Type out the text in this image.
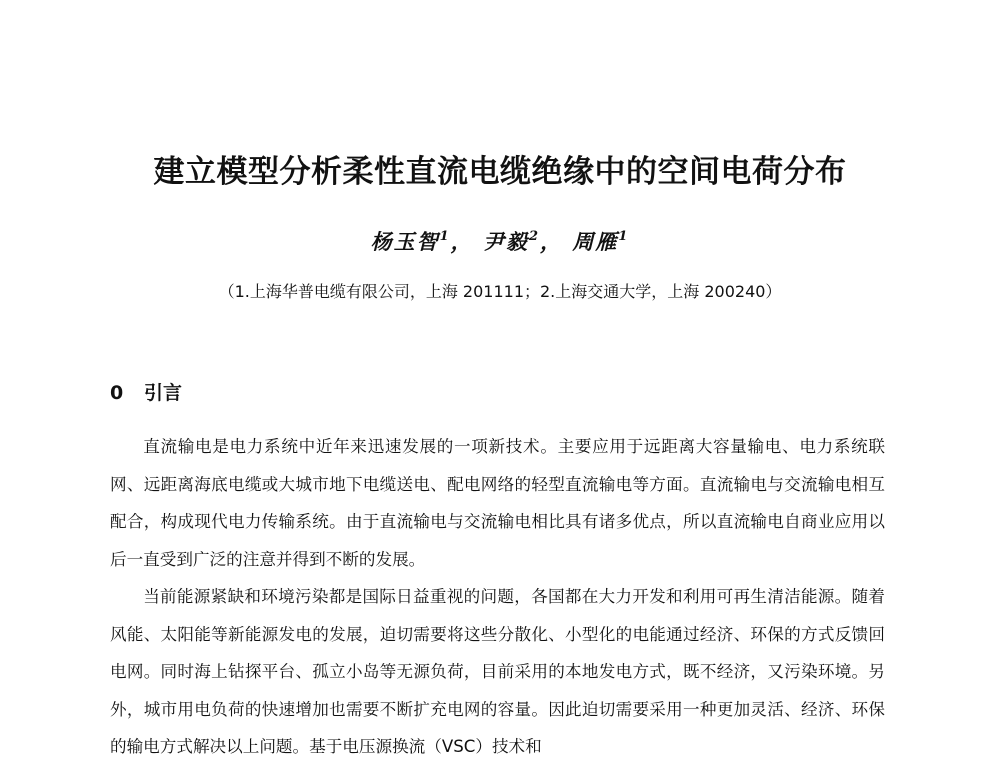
建立模型分析柔性直流电缆绝缘中的空间电荷分布
杨玉智$^1$， 尹毅$^2$， 周雁$^1$
（1.上海华普电缆有限公司，上海 201111；2.上海交通大学，上海 200240）
0 引言

直流输电是电力系统中近年来迅速发展的一项新技术。主要应用于远距离大容量输电、电力系统联网、远距离海底电缆或大城市地下电缆送电、配电网络的轻型直流输电等方面。直流输电与交流输电相互配合，构成现代电力传输系统。由于直流输电与交流输电相比具有诸多优点，所以直流输电自商业应用以后一直受到广泛的注意并得到不断的发展。

当前能源紧缺和环境污染都是国际日益重视的问题，各国都在大力开发和利用可再生清洁能源。随着风能、太阳能等新能源发电的发展，迫切需要将这些分散化、小型化的电能通过经济、环保的方式反馈回电网。同时海上钻探平台、孤立小岛等无源负荷，目前采用的本地发电方式，既不经济，又污染环境。另外，城市用电负荷的快速增加也需要不断扩充电网的容量。因此迫切需要采用一种更加灵活、经济、环保的输电方式解决以上问题。基于电压源换流（VSC）技术和
